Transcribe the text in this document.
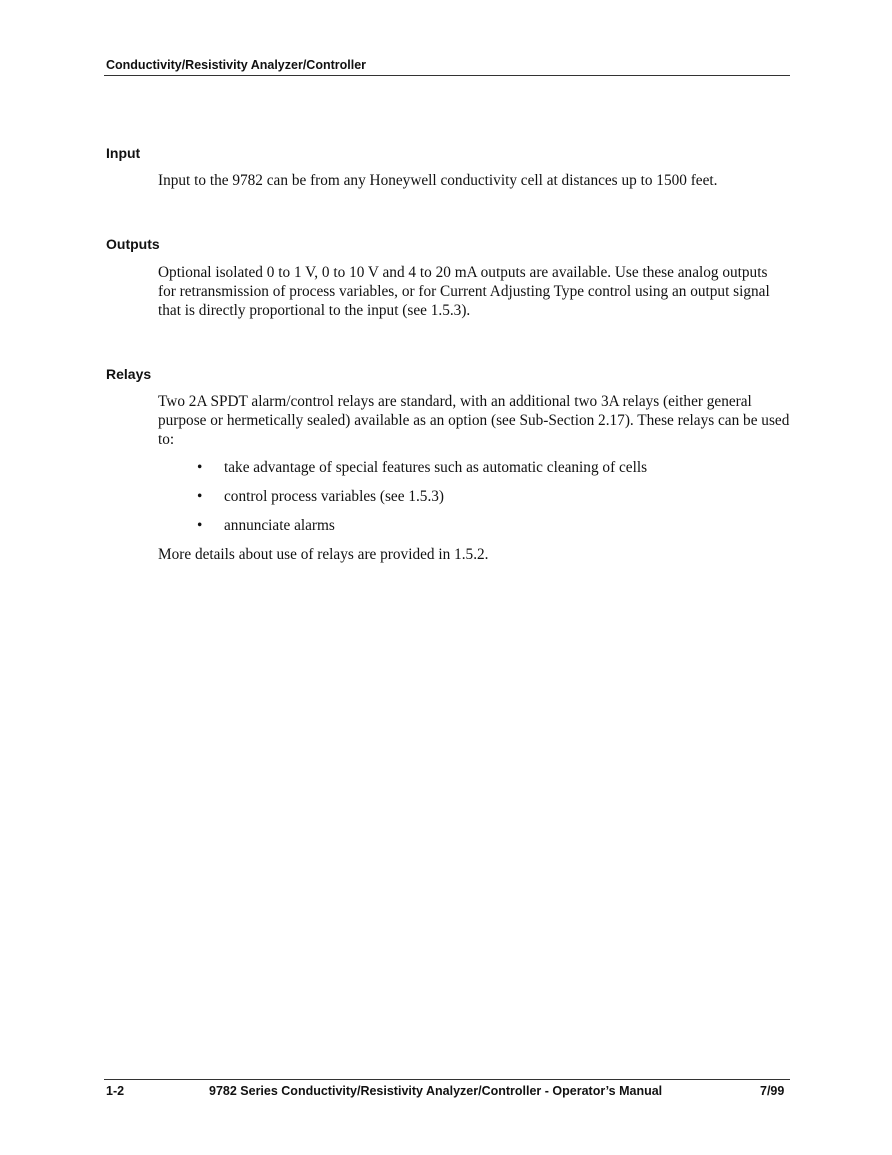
Conductivity/Resistivity Analyzer/Controller
Input
Input to the 9782 can be from any Honeywell conductivity cell at distances up to 1500 feet.
Outputs
Optional isolated 0 to 1 V, 0 to 10 V and 4 to 20 mA outputs are available. Use these analog outputs for retransmission of process variables, or for Current Adjusting Type control using an output signal that is directly proportional to the input (see 1.5.3).
Relays
Two 2A SPDT alarm/control relays are standard, with an additional two 3A relays (either general purpose or hermetically sealed) available as an option (see Sub-Section 2.17). These relays can be used to:
• take advantage of special features such as automatic cleaning of cells
• control process variables (see 1.5.3)
• annunciate alarms
More details about use of relays are provided in 1.5.2.
1-2	9782 Series Conductivity/Resistivity Analyzer/Controller - Operator’s Manual	7/99
